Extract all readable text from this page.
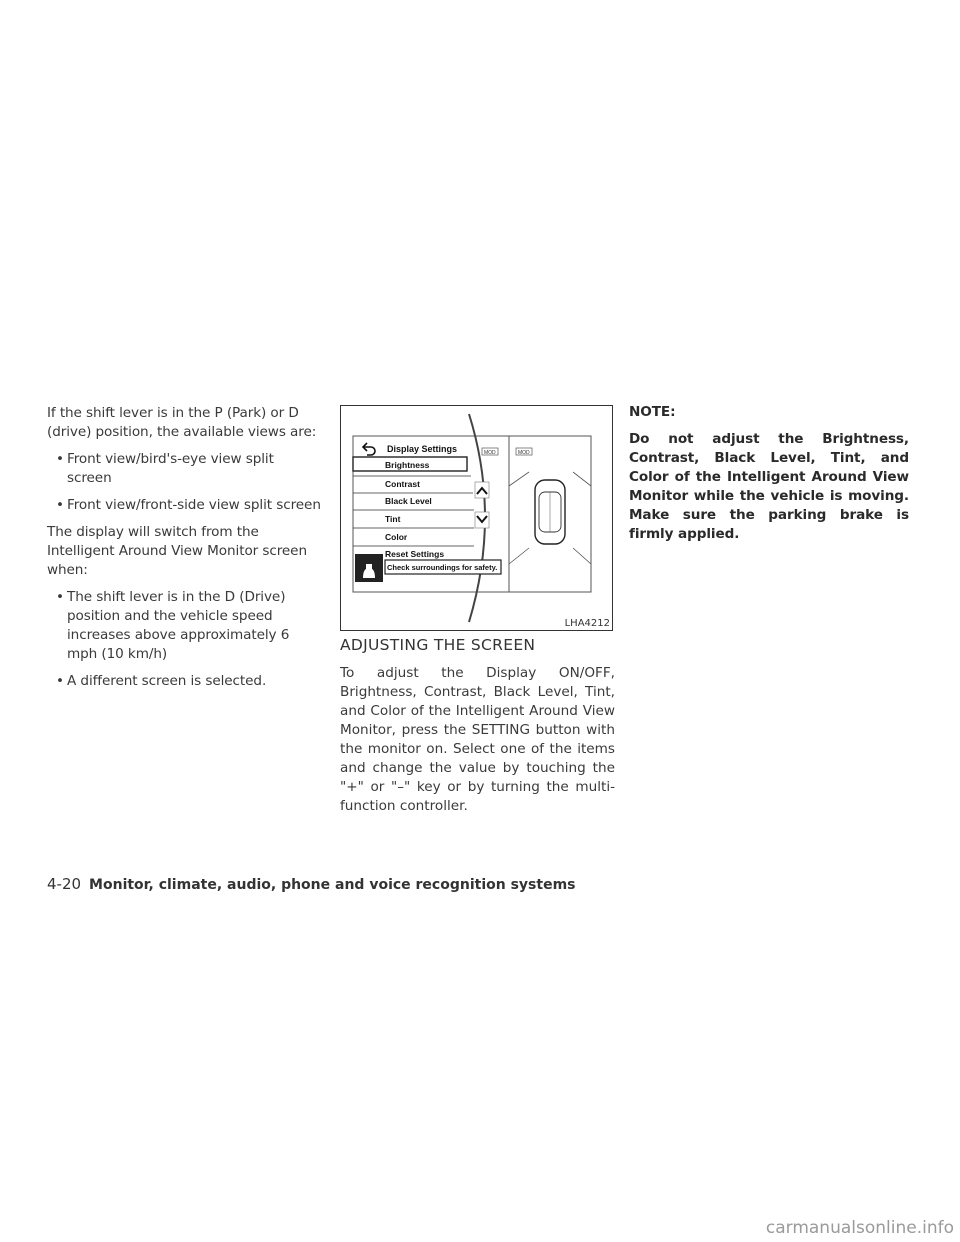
If the shift lever is in the P (Park) or D (drive) position, the available views are:

• Front view/bird's-eye view split screen
• Front view/front-side view split screen

The display will switch from the Intelligent Around View Monitor screen when:

• The shift lever is in the D (Drive) position and the vehicle speed increases above approximately 6 mph (10 km/h)
• A different screen is selected.
Display Settings
Brightness
Contrast
Black Level
Tint
Color
Reset Settings
Check surroundings for safety.
MOD	MOD
LHA4212
ADJUSTING THE SCREEN

To adjust the Display ON/OFF, Brightness, Contrast, Black Level, Tint, and Color of the Intelligent Around View Monitor, press the SETTING button with the monitor on. Select one of the items and change the value by touching the "+" or "–" key or by turning the multi-function controller.

NOTE:

Do not adjust the Brightness, Contrast, Black Level, Tint, and Color of the Intelligent Around View Monitor while the vehicle is moving. Make sure the parking brake is firmly applied.

4-20 Monitor, climate, audio, phone and voice recognition systems
carmanualsonline.info
